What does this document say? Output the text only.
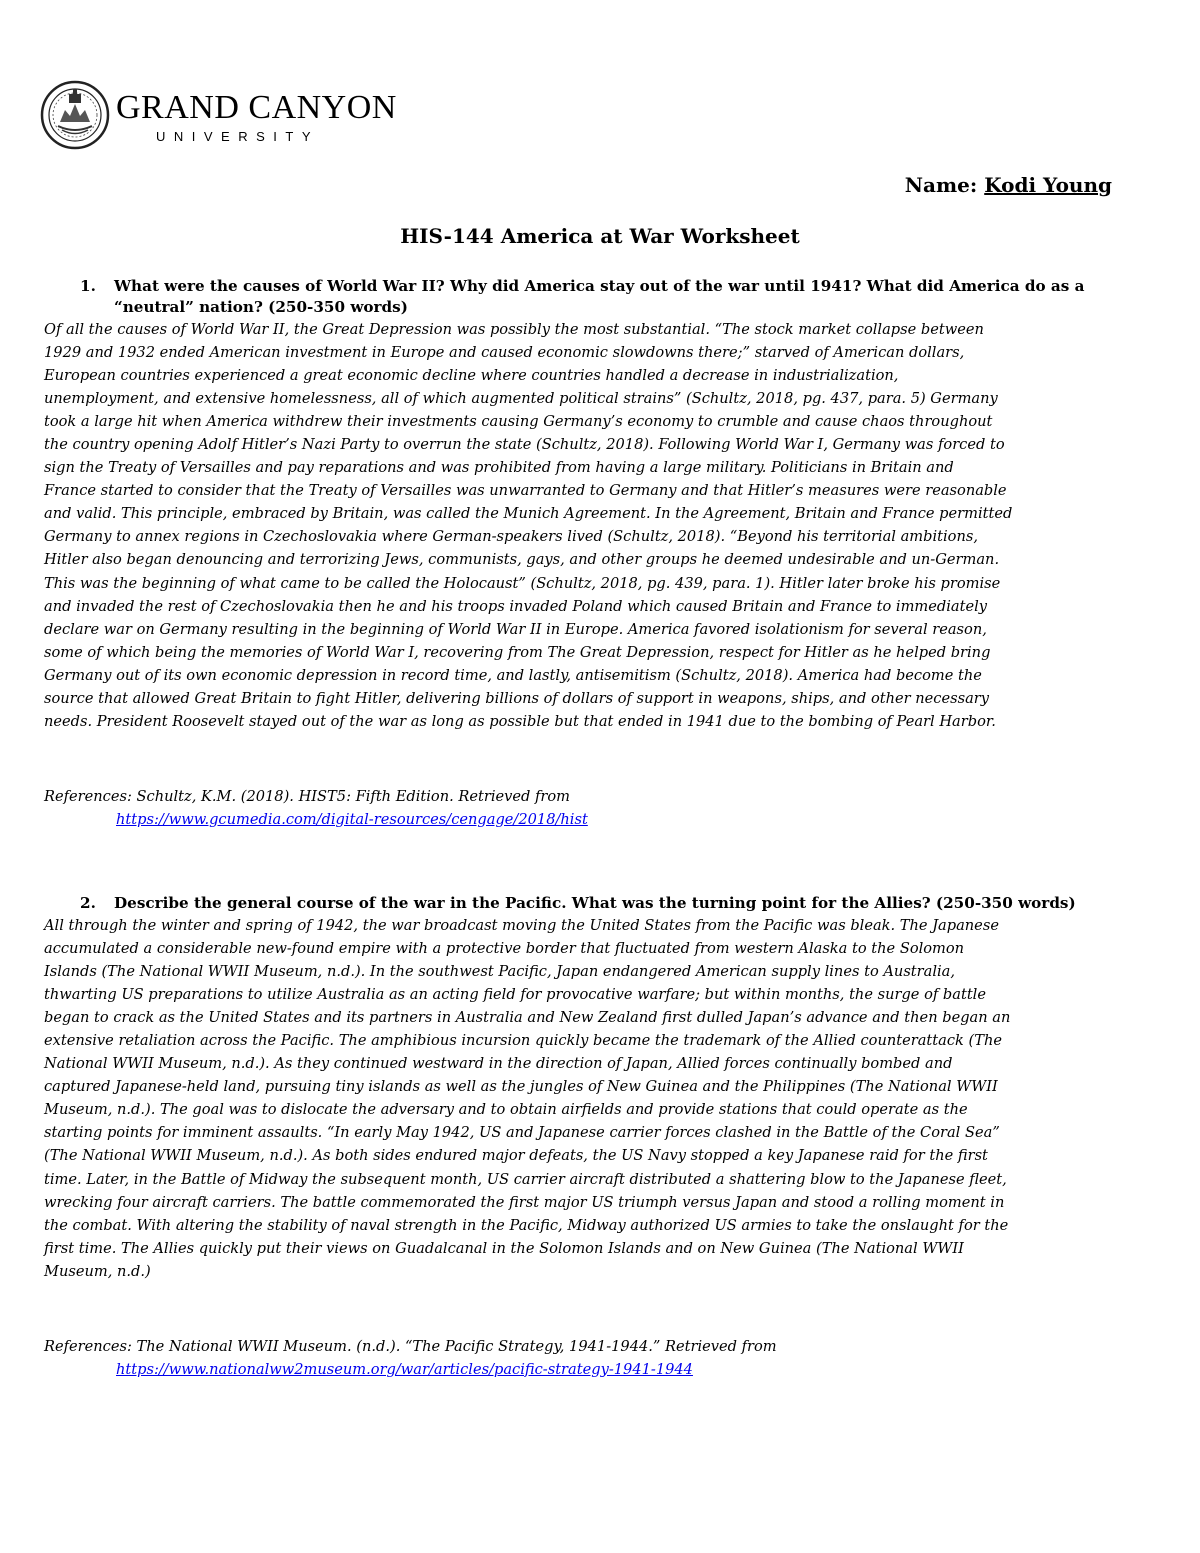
GRAND CANYON
UNIVERSITY
Name: Kodi Young
HIS-144 America at War Worksheet
1.	What were the causes of World War II? Why did America stay out of the war until 1941? What did America do as a “neutral” nation? (250-350 words)

Of all the causes of World War II, the Great Depression was possibly the most substantial. “The stock market collapse between
1929 and 1932 ended American investment in Europe and caused economic slowdowns there;” starved of American dollars,
European countries experienced a great economic decline where countries handled a decrease in industrialization,
unemployment, and extensive homelessness, all of which augmented political strains” (Schultz, 2018, pg. 437, para. 5) Germany
took a large hit when America withdrew their investments causing Germany’s economy to crumble and cause chaos throughout
the country opening Adolf Hitler’s Nazi Party to overrun the state (Schultz, 2018). Following World War I, Germany was forced to
sign the Treaty of Versailles and pay reparations and was prohibited from having a large military. Politicians in Britain and
France started to consider that the Treaty of Versailles was unwarranted to Germany and that Hitler’s measures were reasonable
and valid. This principle, embraced by Britain, was called the Munich Agreement. In the Agreement, Britain and France permitted
Germany to annex regions in Czechoslovakia where German-speakers lived (Schultz, 2018). “Beyond his territorial ambitions,
Hitler also began denouncing and terrorizing Jews, communists, gays, and other groups he deemed undesirable and un-German.
This was the beginning of what came to be called the Holocaust” (Schultz, 2018, pg. 439, para. 1). Hitler later broke his promise
and invaded the rest of Czechoslovakia then he and his troops invaded Poland which caused Britain and France to immediately
declare war on Germany resulting in the beginning of World War II in Europe. America favored isolationism for several reason,
some of which being the memories of World War I, recovering from The Great Depression, respect for Hitler as he helped bring
Germany out of its own economic depression in record time, and lastly, antisemitism (Schultz, 2018). America had become the
source that allowed Great Britain to fight Hitler, delivering billions of dollars of support in weapons, ships, and other necessary
needs. President Roosevelt stayed out of the war as long as possible but that ended in 1941 due to the bombing of Pearl Harbor.

References: Schultz, K.M. (2018). HIST5: Fifth Edition. Retrieved from
https://www.gcumedia.com/digital-resources/cengage/2018/hist
2.	Describe the general course of the war in the Pacific. What was the turning point for the Allies? (250-350 words)

All through the winter and spring of 1942, the war broadcast moving the United States from the Pacific was bleak. The Japanese
accumulated a considerable new-found empire with a protective border that fluctuated from western Alaska to the Solomon
Islands (The National WWII Museum, n.d.). In the southwest Pacific, Japan endangered American supply lines to Australia,
thwarting US preparations to utilize Australia as an acting field for provocative warfare; but within months, the surge of battle
began to crack as the United States and its partners in Australia and New Zealand first dulled Japan’s advance and then began an
extensive retaliation across the Pacific. The amphibious incursion quickly became the trademark of the Allied counterattack (The
National WWII Museum, n.d.). As they continued westward in the direction of Japan, Allied forces continually bombed and
captured Japanese-held land, pursuing tiny islands as well as the jungles of New Guinea and the Philippines (The National WWII
Museum, n.d.). The goal was to dislocate the adversary and to obtain airfields and provide stations that could operate as the
starting points for imminent assaults. “In early May 1942, US and Japanese carrier forces clashed in the Battle of the Coral Sea”
(The National WWII Museum, n.d.). As both sides endured major defeats, the US Navy stopped a key Japanese raid for the first
time. Later, in the Battle of Midway the subsequent month, US carrier aircraft distributed a shattering blow to the Japanese fleet,
wrecking four aircraft carriers. The battle commemorated the first major US triumph versus Japan and stood a rolling moment in
the combat. With altering the stability of naval strength in the Pacific, Midway authorized US armies to take the onslaught for the
first time. The Allies quickly put their views on Guadalcanal in the Solomon Islands and on New Guinea (The National WWII
Museum, n.d.)

References: The National WWII Museum. (n.d.). “The Pacific Strategy, 1941-1944.” Retrieved from
https://www.nationalww2museum.org/war/articles/pacific-strategy-1941-1944
